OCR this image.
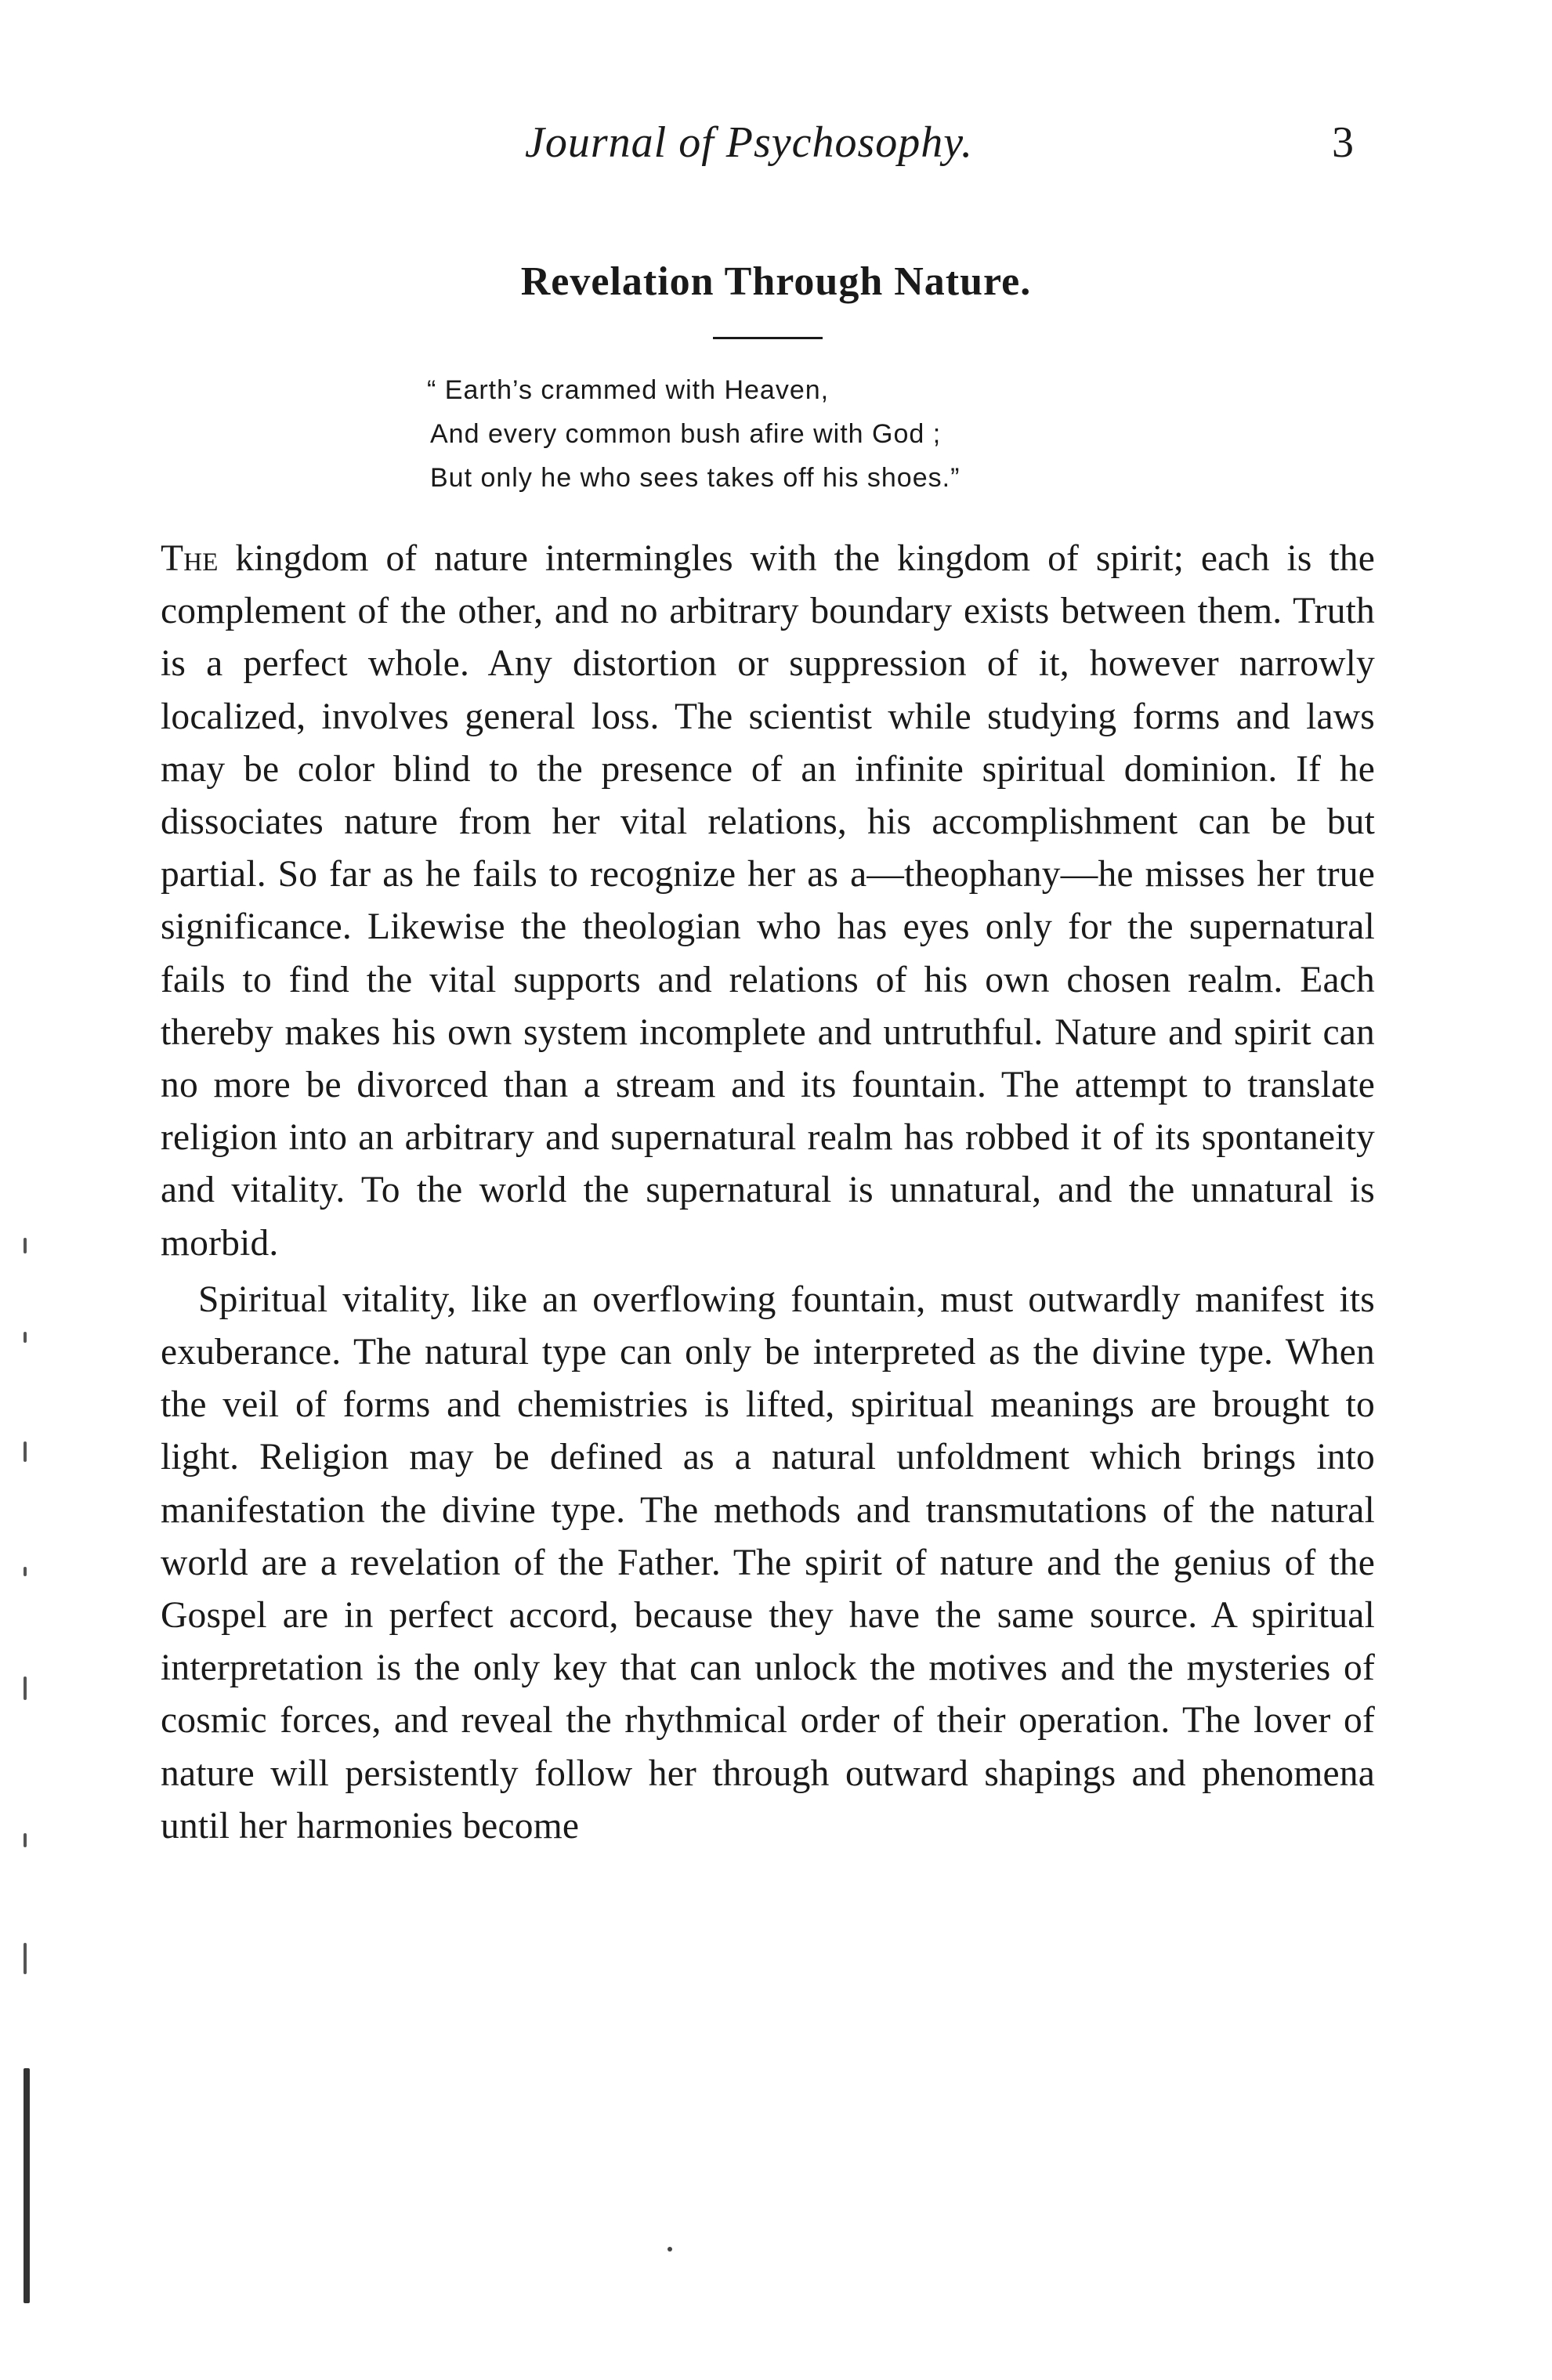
Journal of Psychosophy.	3
Revelation Through Nature.
“ Earth’s crammed with Heaven,
And every common bush afire with God ;
But only he who sees takes off his shoes.”

The kingdom of nature intermingles with the kingdom of spirit; each is the complement of the other, and no arbitrary boundary exists between them. Truth is a perfect whole. Any distortion or suppression of it, however narrowly localized, involves general loss. The scientist while studying forms and laws may be color blind to the presence of an infinite spiritual dominion. If he dissociates nature from her vital relations, his accomplishment can be but partial. So far as he fails to recognize her as a—theophany—he misses her true significance. Likewise the theologian who has eyes only for the supernatural fails to find the vital supports and relations of his own chosen realm. Each thereby makes his own system incomplete and untruthful. Nature and spirit can no more be divorced than a stream and its fountain. The attempt to translate religion into an arbitrary and supernatural realm has robbed it of its spontaneity and vitality. To the world the supernatural is unnatural, and the unnatural is morbid.

Spiritual vitality, like an overflowing fountain, must outwardly manifest its exuberance. The natural type can only be interpreted as the divine type. When the veil of forms and chemistries is lifted, spiritual meanings are brought to light. Religion may be defined as a natural unfoldment which brings into manifestation the divine type. The methods and transmutations of the natural world are a revelation of the Father. The spirit of nature and the genius of the Gospel are in perfect accord, because they have the same source. A spiritual interpretation is the only key that can unlock the motives and the mysteries of cosmic forces, and reveal the rhythmical order of their operation. The lover of nature will persistently follow her through outward shapings and phenomena until her harmonies become
